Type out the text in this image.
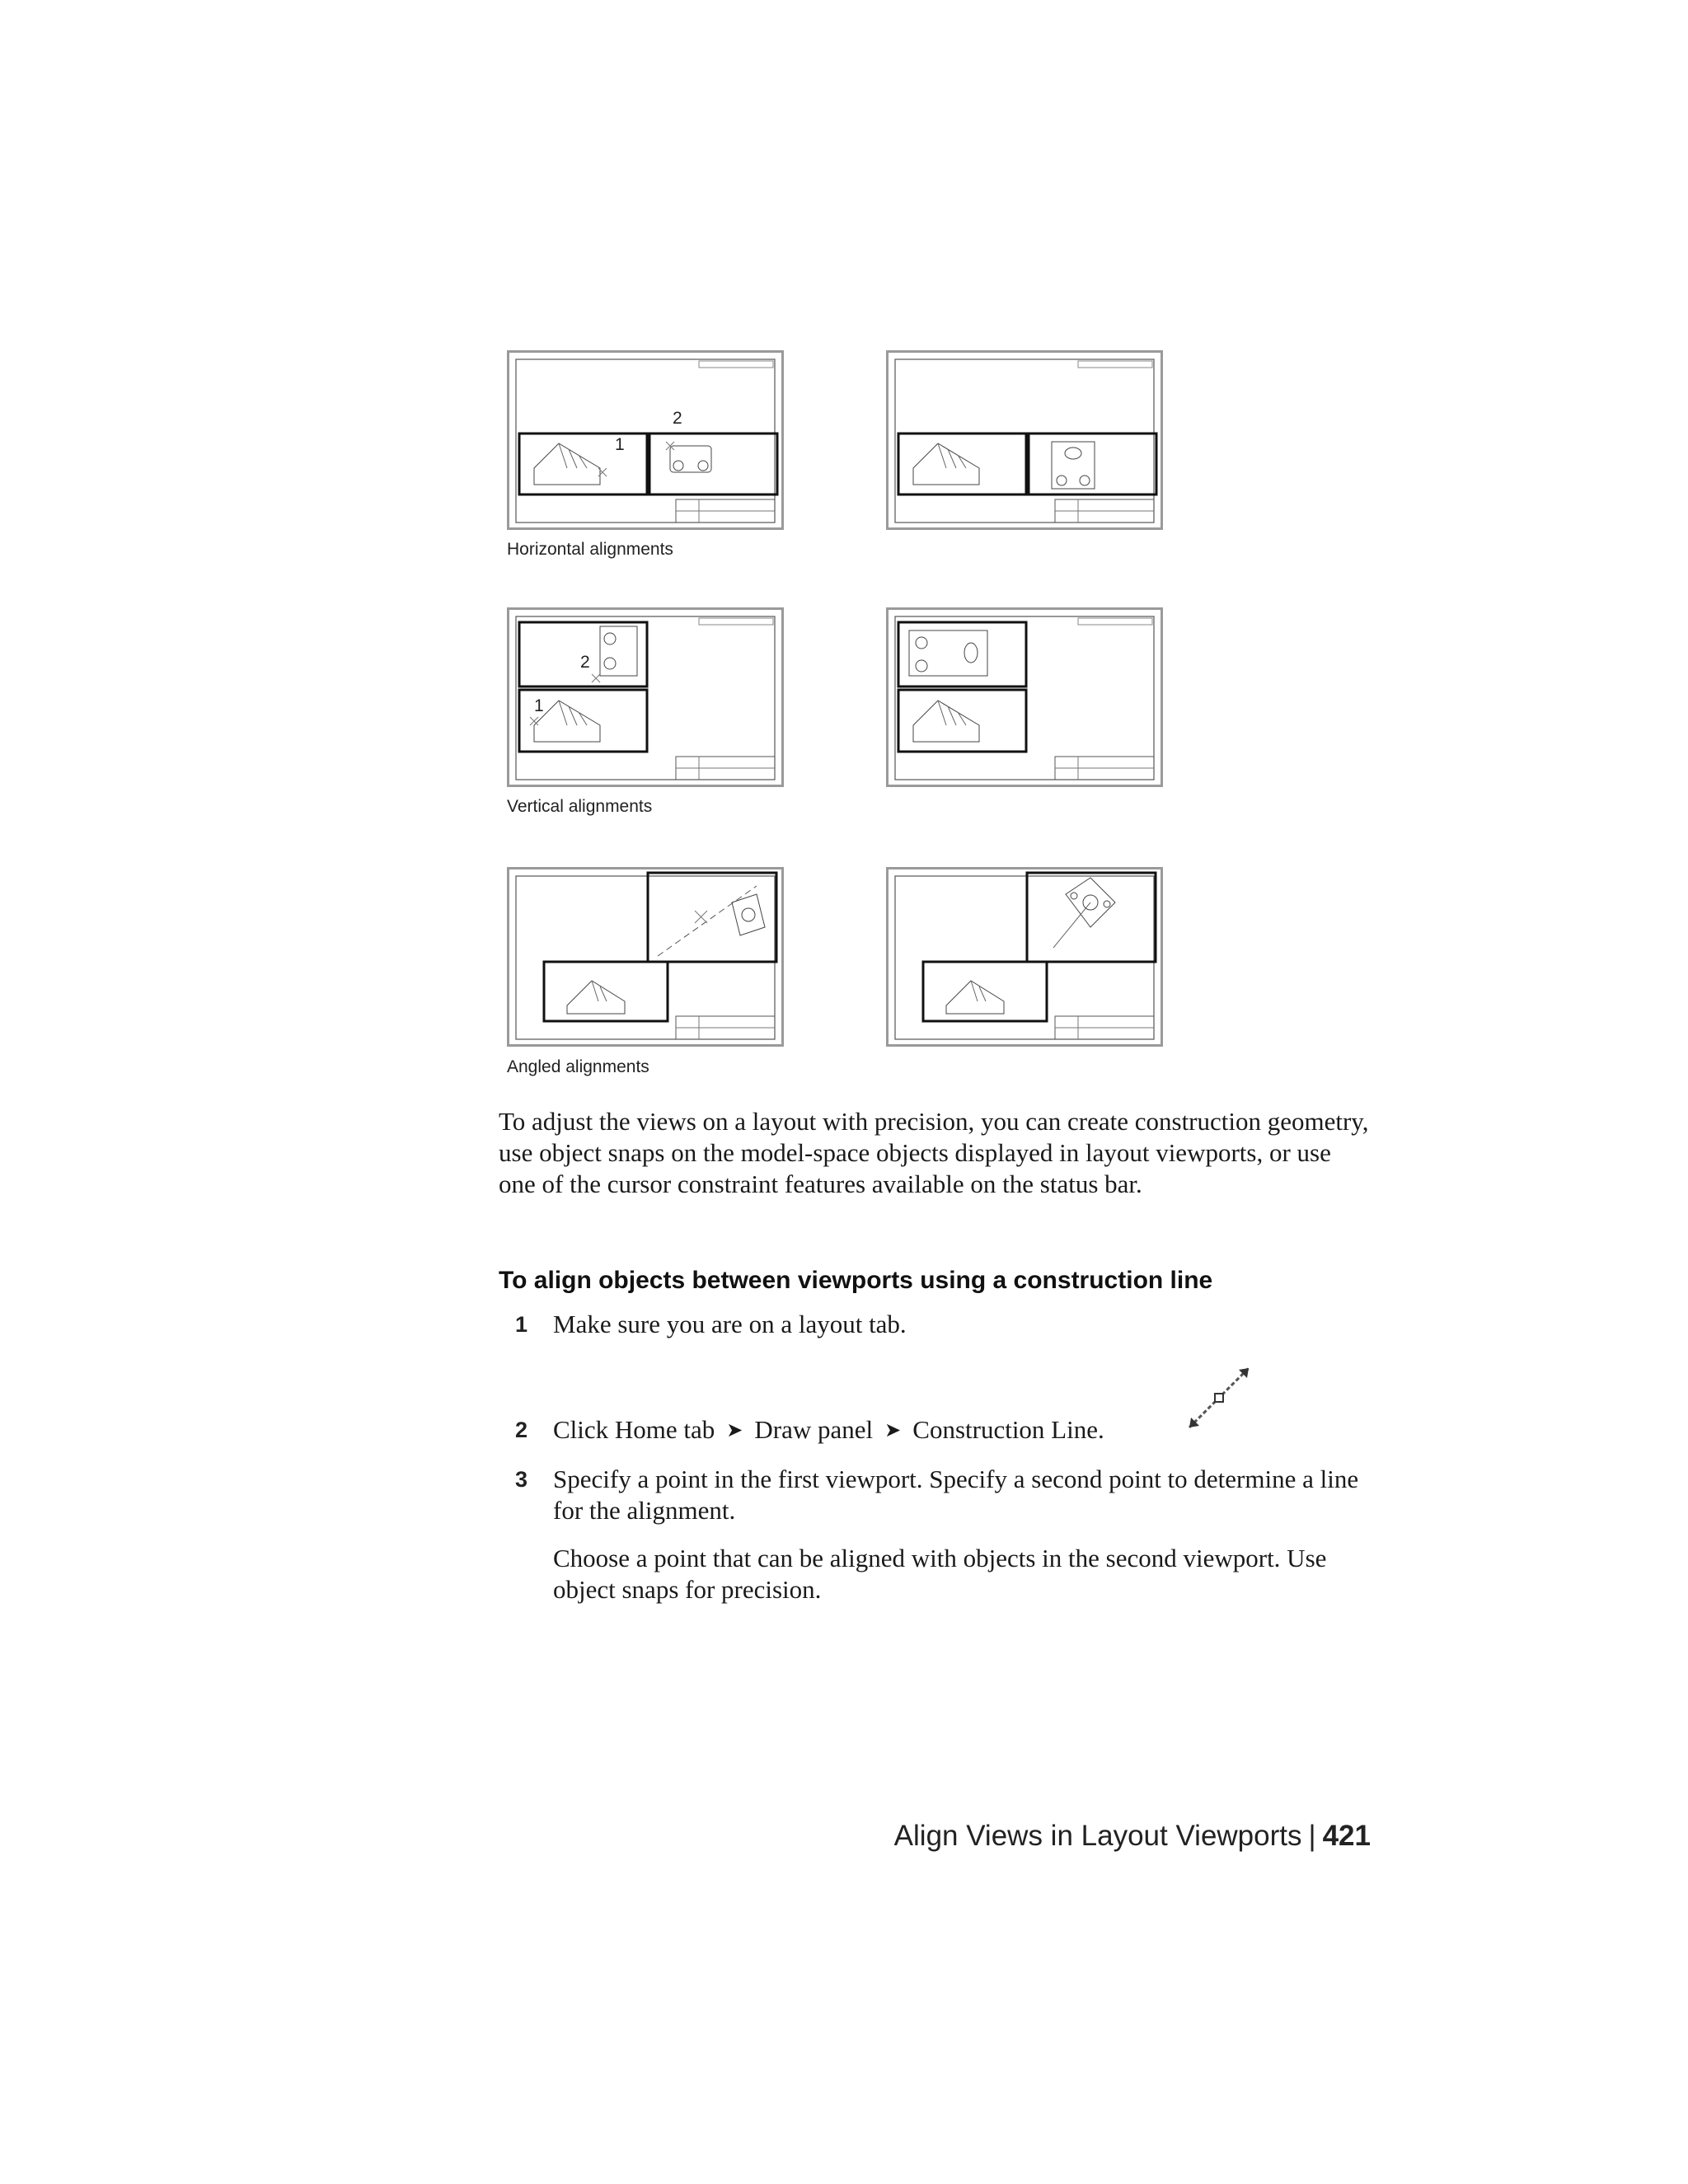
1
2
Horizontal alignments
2
1
Vertical alignments
Angled alignments
To adjust the views on a layout with precision, you can create construction geometry, use object snaps on the model-space objects displayed in layout viewports, or use one of the cursor constraint features available on the status bar.
To align objects between viewports using a construction line
1 Make sure you are on a layout tab.
2 Click Home tab ➤ Draw panel ➤ Construction Line.
3 Specify a point in the first viewport. Specify a second point to determine a line for the alignment.
Choose a point that can be aligned with objects in the second viewport. Use object snaps for precision.
Align Views in Layout Viewports | 421
